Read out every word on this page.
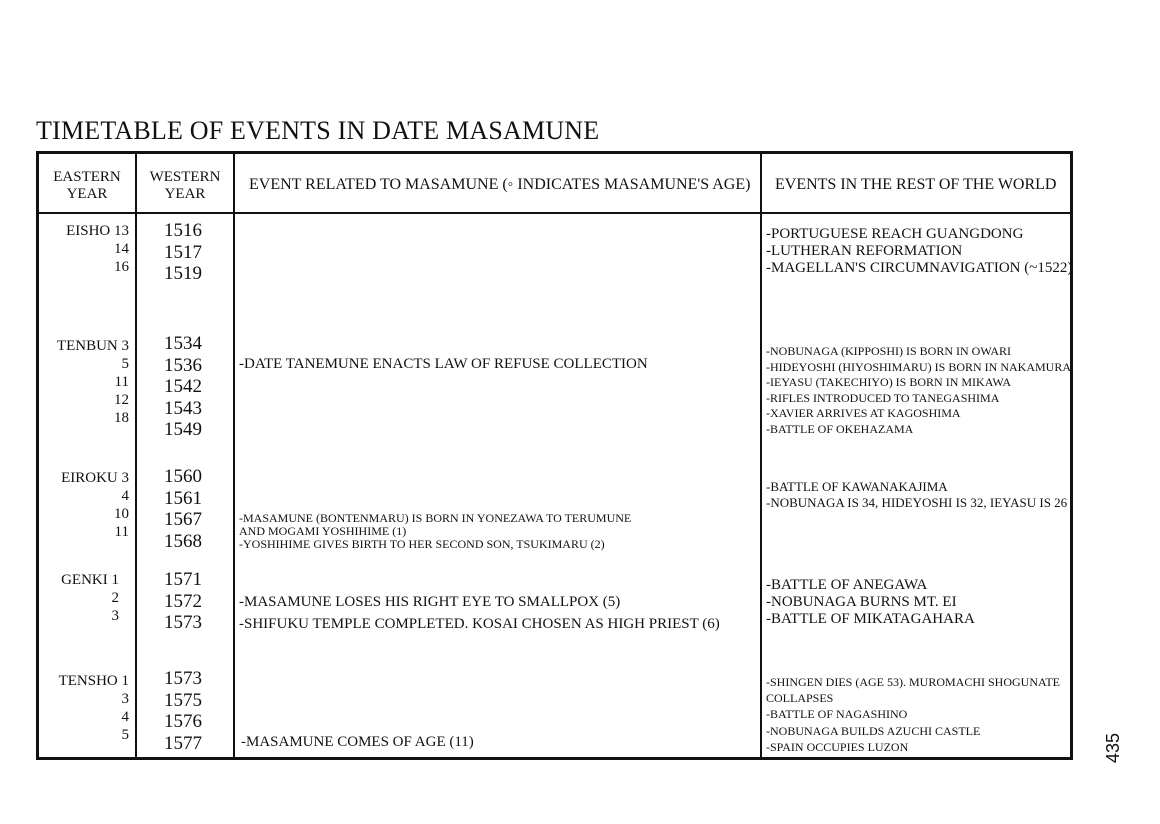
TIMETABLE OF EVENTS IN DATE MASAMUNE
EASTERN YEAR
WESTERN YEAR
EVENT RELATED TO MASAMUNE (◦ INDICATES MASAMUNE'S AGE) EVENTS IN THE REST OF THE WORLD
EISHO 13
14
16
1516
1517
1519
-PORTUGUESE REACH GUANGDONG
-LUTHERAN REFORMATION
-MAGELLAN'S CIRCUMNAVIGATION (~1522)
TENBUN 3
5
11
12
18
1534
1536
1542
1543
1549
-DATE TANEMUNE ENACTS LAW OF REFUSE COLLECTION
-NOBUNAGA (KIPPOSHI) IS BORN IN OWARI
-HIDEYOSHI (HIYOSHIMARU) IS BORN IN NAKAMURA
-IEYASU (TAKECHIYO) IS BORN IN MIKAWA
-RIFLES INTRODUCED TO TANEGASHIMA
-XAVIER ARRIVES AT KAGOSHIMA
-BATTLE OF OKEHAZAMA
EIROKU 3
4
10
11
1560
1561
1567
1568
-MASAMUNE (BONTENMARU) IS BORN IN YONEZAWA TO TERUMUNE
AND MOGAMI YOSHIHIME (1)
-YOSHIHIME GIVES BIRTH TO HER SECOND SON, TSUKIMARU (2)
-BATTLE OF KAWANAKAJIMA
-NOBUNAGA IS 34, HIDEYOSHI IS 32, IEYASU IS 26
GENKI 1
2
3
1571
1572
1573
-MASAMUNE LOSES HIS RIGHT EYE TO SMALLPOX (5)
-SHIFUKU TEMPLE COMPLETED. KOSAI CHOSEN AS HIGH PRIEST (6)
-BATTLE OF ANEGAWA
-NOBUNAGA BURNS MT. EI
-BATTLE OF MIKATAGAHARA
TENSHO 1
3
4
5
1573
1575
1576
1577	-MASAMUNE COMES OF AGE (11)
-SHINGEN DIES (AGE 53). MUROMACHI SHOGUNATE
COLLAPSES
-BATTLE OF NAGASHINO
-NOBUNAGA BUILDS AZUCHI CASTLE
-SPAIN OCCUPIES LUZON	435
